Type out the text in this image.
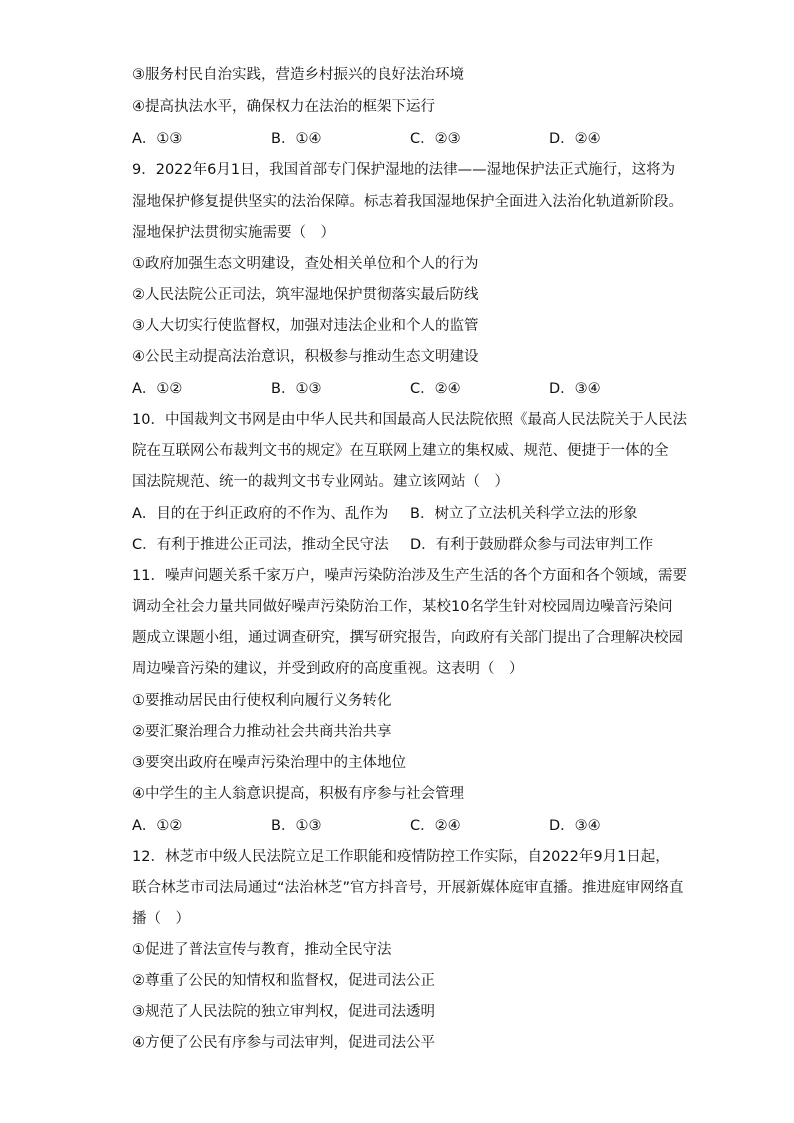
③服务村民自治实践，营造乡村振兴的良好法治环境
④提高执法水平，确保权力在法治的框架下运行
A．①③	B．①④	C．②③	D．②④
9．2022年6月1日，我国首部专门保护湿地的法律——湿地保护法正式施行，这将为
湿地保护修复提供坚实的法治保障。标志着我国湿地保护全面进入法治化轨道新阶段。
湿地保护法贯彻实施需要（　）
①政府加强生态文明建设，查处相关单位和个人的行为
②人民法院公正司法，筑牢湿地保护贯彻落实最后防线
③人大切实行使监督权，加强对违法企业和个人的监管
④公民主动提高法治意识，积极参与推动生态文明建设
A．①②	B．①③	C．②④	D．③④
10．中国裁判文书网是由中华人民共和国最高人民法院依照《最高人民法院关于人民法
院在互联网公布裁判文书的规定》在互联网上建立的集权威、规范、便捷于一体的全
国法院规范、统一的裁判文书专业网站。建立该网站（　）
A．目的在于纠正政府的不作为、乱作为 B．树立了立法机关科学立法的形象
C．有利于推进公正司法，推动全民守法 D．有利于鼓励群众参与司法审判工作
11．噪声问题关系千家万户，噪声污染防治涉及生产生活的各个方面和各个领域，需要
调动全社会力量共同做好噪声污染防治工作，某校10名学生针对校园周边噪音污染问
题成立课题小组，通过调查研究，撰写研究报告，向政府有关部门提出了合理解决校园
周边噪音污染的建议，并受到政府的高度重视。这表明（　）
①要推动居民由行使权利向履行义务转化
②要汇聚治理合力推动社会共商共治共享
③要突出政府在噪声污染治理中的主体地位
④中学生的主人翁意识提高，积极有序参与社会管理
A．①②	B．①③	C．②④	D．③④
12．林芝市中级人民法院立足工作职能和疫情防控工作实际，自2022年9月1日起，
联合林芝市司法局通过“法治林芝”官方抖音号，开展新媒体庭审直播。推进庭审网络直
播（　）
①促进了普法宣传与教育，推动全民守法
②尊重了公民的知情权和监督权，促进司法公正
③规范了人民法院的独立审判权，促进司法透明
④方便了公民有序参与司法审判，促进司法公平
